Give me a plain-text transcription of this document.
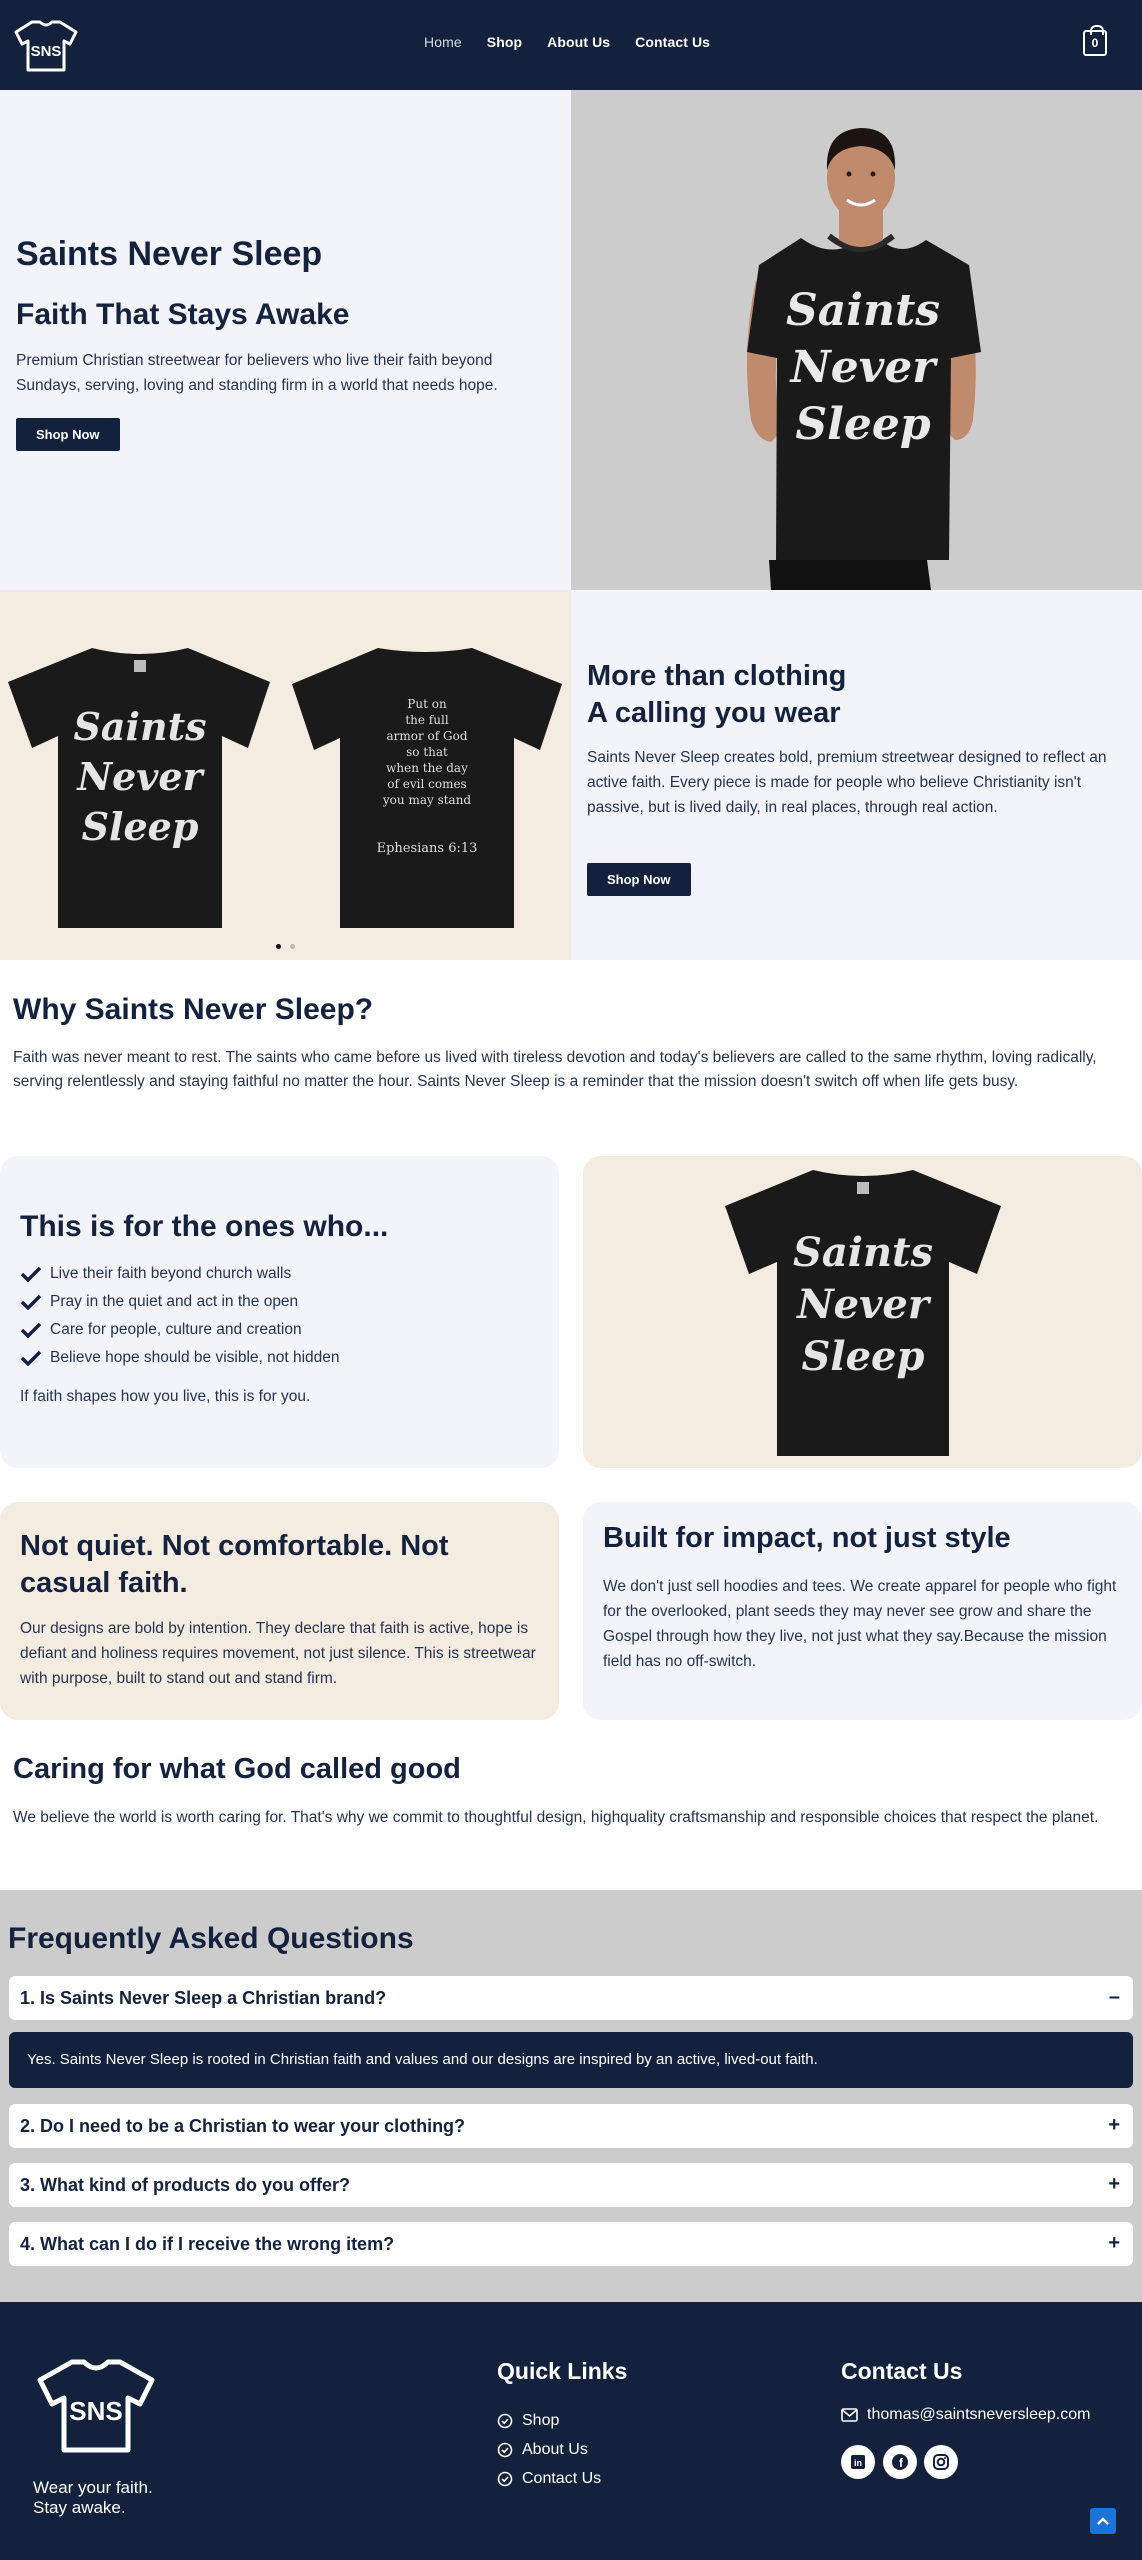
SNS
Home Shop About Us Contact Us	0
Saints Never Sleep
Faith That Stays Awake

Premium Christian streetwear for believers who live their faith beyond Sundays, serving, loving and standing firm in a world that needs hope.

Shop Now
Saints
Never
Sleep
Saints
Never
Sleep
Put on
the full
armor of God
so that
when the day
of evil comes
you may stand
Ephesians 6:13
More than clothing
A calling you wear

Saints Never Sleep creates bold, premium streetwear designed to reflect an active faith. Every piece is made for people who believe Christianity isn't passive, but is lived daily, in real places, through real action.

Shop Now
Why Saints Never Sleep?

Faith was never meant to rest. The saints who came before us lived with tireless devotion and today's believers are called to the same rhythm, loving radically, serving relentlessly and staying faithful no matter the hour. Saints Never Sleep is a reminder that the mission doesn't switch off when life gets busy.

This is for the ones who...
Live their faith beyond church walls
Pray in the quiet and act in the open
Care for people, culture and creation
Believe hope should be visible, not hidden

If faith shapes how you live, this is for you.

Saints
Never
Sleep
Not quiet. Not comfortable. Not casual faith.

Our designs are bold by intention. They declare that faith is active, hope is defiant and holiness requires movement, not just silence. This is streetwear with purpose, built to stand out and stand firm.

Built for impact, not just style

We don't just sell hoodies and tees. We create apparel for people who fight for the overlooked, plant seeds they may never see grow and share the Gospel through how they live, not just what they say.Because the mission field has no off-switch.

Caring for what God called good

We believe the world is worth caring for. That's why we commit to thoughtful design, highquality craftsmanship and responsible choices that respect the planet.

Frequently Asked Questions
1. Is Saints Never Sleep a Christian brand?	–
Yes. Saints Never Sleep is rooted in Christian faith and values and our designs are inspired by an active, lived-out faith.
2. Do I need to be a Christian to wear your clothing?	+
3. What kind of products do you offer?	+
4. What can I do if I receive the wrong item?	+
SNS
Wear your faith.
Stay awake.
Quick Links
Shop
About Us
Contact Us
Contact Us
thomas@saintsneversleep.com
in	f
